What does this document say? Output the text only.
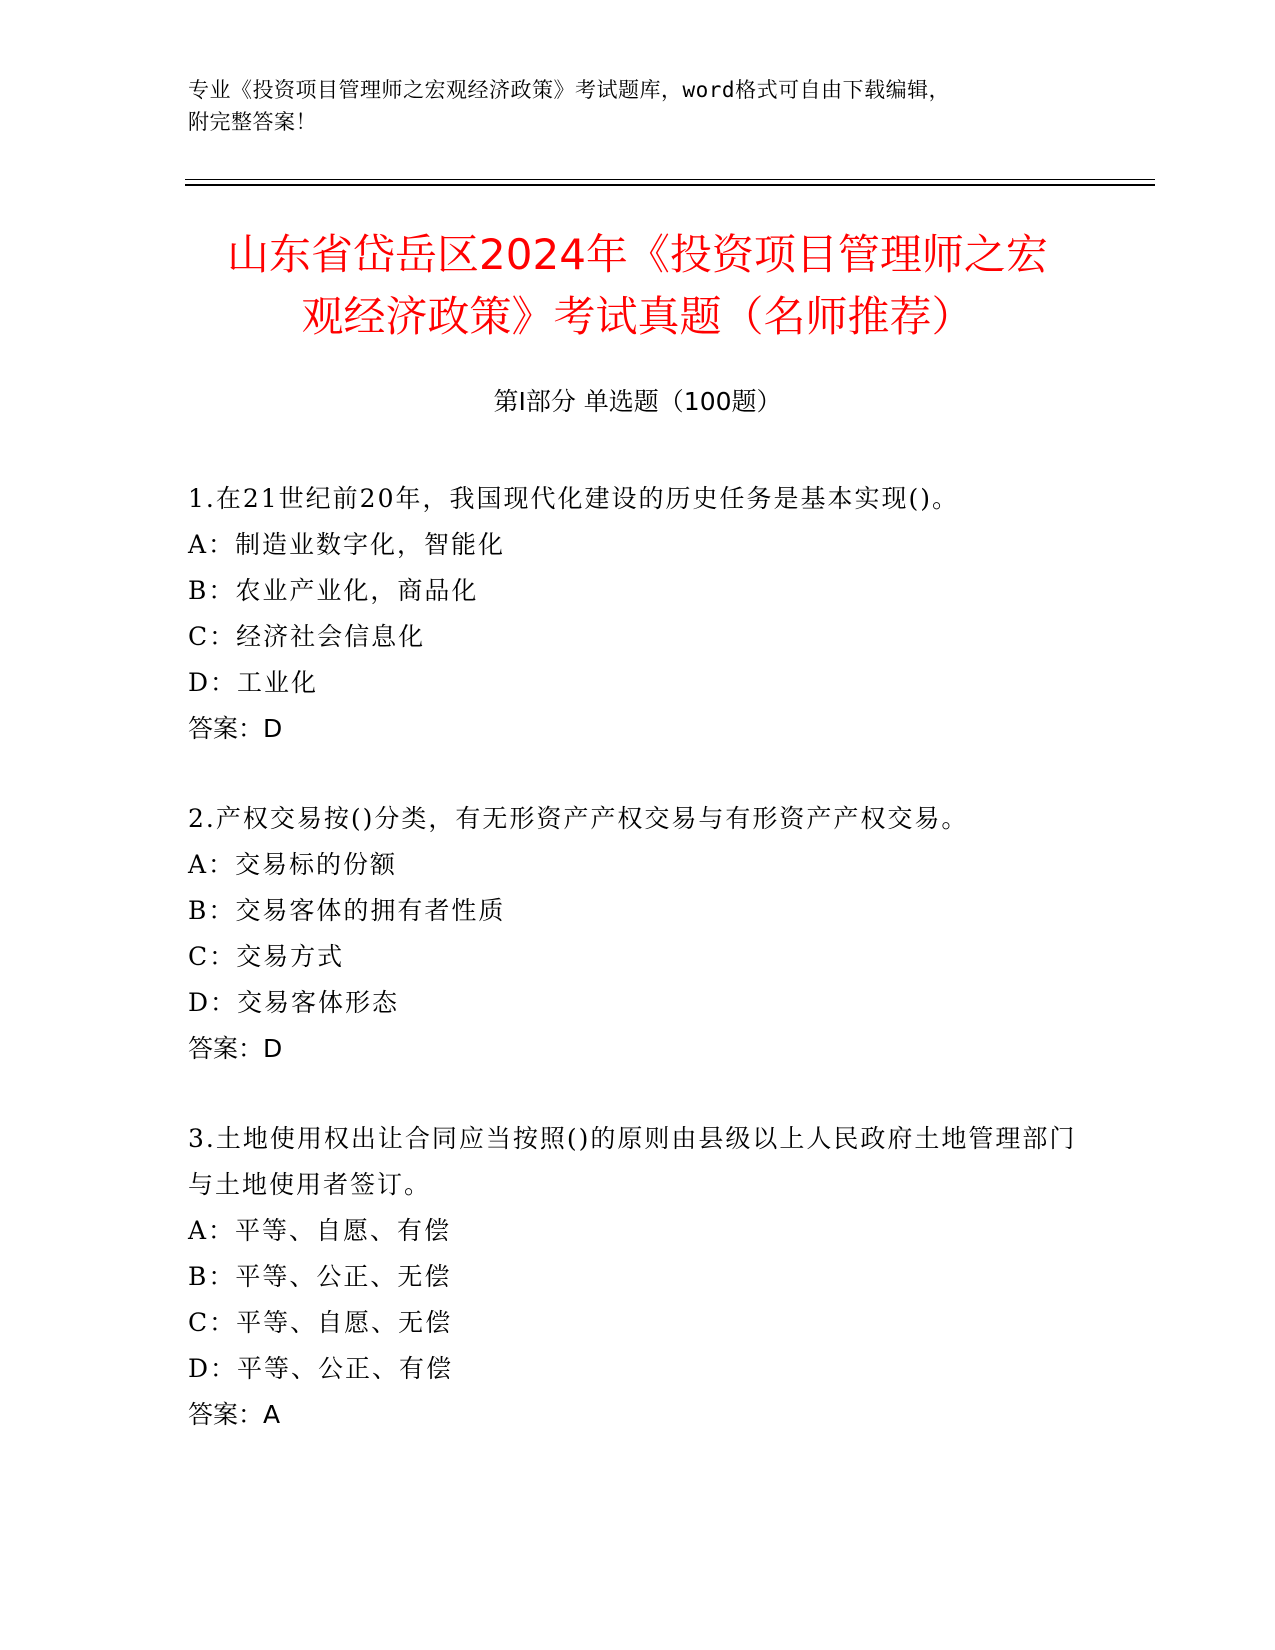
专业《投资项目管理师之宏观经济政策》考试题库，word格式可自由下载编辑，
附完整答案！
山东省岱岳区2024年《投资项目管理师之宏
观经济政策》考试真题（名师推荐）
第Ⅰ部分 单选题（100题）
1.在21世纪前20年，我国现代化建设的历史任务是基本实现()。
A：制造业数字化，智能化
B：农业产业化，商品化
C：经济社会信息化
D：工业化
答案：D
2.产权交易按()分类，有无形资产产权交易与有形资产产权交易。
A：交易标的份额
B：交易客体的拥有者性质
C：交易方式
D：交易客体形态
答案：D
3.土地使用权出让合同应当按照()的原则由县级以上人民政府土地管理部门与土地使用者签订。
A：平等、自愿、有偿
B：平等、公正、无偿
C：平等、自愿、无偿
D：平等、公正、有偿
答案：A
